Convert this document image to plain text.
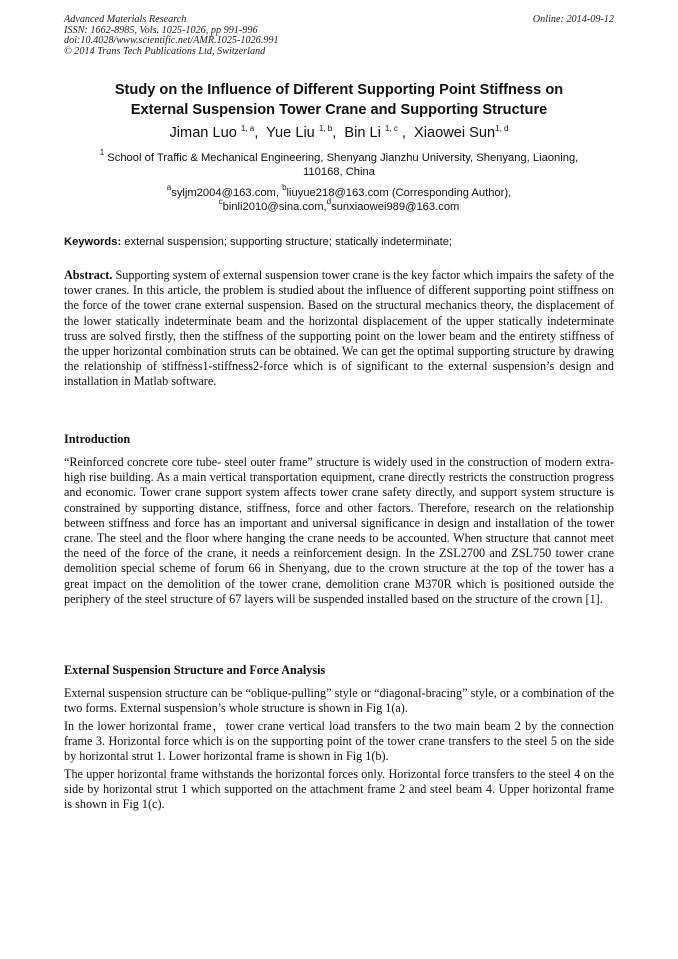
Advanced Materials Research
ISSN: 1662-8985, Vols. 1025-1026, pp 991-996
doi:10.4028/www.scientific.net/AMR.1025-1026.991
© 2014 Trans Tech Publications Ltd, Switzerland
Online: 2014-09-12
Study on the Influence of Different Supporting Point Stiffness on
External Suspension Tower Crane and Supporting Structure
Jiman Luo $^{1, a}$, Yue Liu $^{1, b}$, Bin Li $^{1, c}$ , Xiaowei Sun$^{1, d}$
$^1$ School of Traffic & Mechanical Engineering, Shenyang Jianzhu University, Shenyang, Liaoning,
110168, China
$^a$syljm2004@163.com, $^b$liuyue218@163.com (Corresponding Author),
$^c$binli2010@sina.com,$^d$sunxiaowei989@163.com
Keywords: external suspension; supporting structure; statically indeterminate;

Abstract. Supporting system of external suspension tower crane is the key factor which impairs the safety of the tower cranes. In this article, the problem is studied about the influence of different supporting point stiffness on the force of the tower crane external suspension. Based on the structural mechanics theory, the displacement of the lower statically indeterminate beam and the horizontal displacement of the upper statically indeterminate truss are solved firstly, then the stiffness of the supporting point on the lower beam and the entirety stiffness of the upper horizontal combination struts can be obtained. We can get the optimal supporting structure by drawing the relationship of stiffness1-stiffness2-force which is of significant to the external suspension’s design and installation in Matlab software.

Introduction

“Reinforced concrete core tube- steel outer frame” structure is widely used in the construction of modern extra-high rise building. As a main vertical transportation equipment, crane directly restricts the construction progress and economic. Tower crane support system affects tower crane safety directly, and support system structure is constrained by supporting distance, stiffness, force and other factors. Therefore, research on the relationship between stiffness and force has an important and universal significance in design and installation of the tower crane. The steel and the floor where hanging the crane needs to be accounted. When structure that cannot meet the need of the force of the crane, it needs a reinforcement design. In the ZSL2700 and ZSL750 tower crane demolition special scheme of forum 66 in Shenyang, due to the crown structure at the top of the tower has a great impact on the demolition of the tower crane, demolition crane M370R which is positioned outside the periphery of the steel structure of 67 layers will be suspended installed based on the structure of the crown [1].

External Suspension Structure and Force Analysis

External suspension structure can be “oblique-pulling” style or “diagonal-bracing” style, or a combination of the two forms. External suspension’s whole structure is shown in Fig 1(a).

In the lower horizontal frame，tower crane vertical load transfers to the two main beam 2 by the connection frame 3. Horizontal force which is on the supporting point of the tower crane transfers to the steel 5 on the side by horizontal strut 1. Lower horizontal frame is shown in Fig 1(b).

The upper horizontal frame withstands the horizontal forces only. Horizontal force transfers to the steel 4 on the side by horizontal strut 1 which supported on the attachment frame 2 and steel beam 4. Upper horizontal frame is shown in Fig 1(c).
